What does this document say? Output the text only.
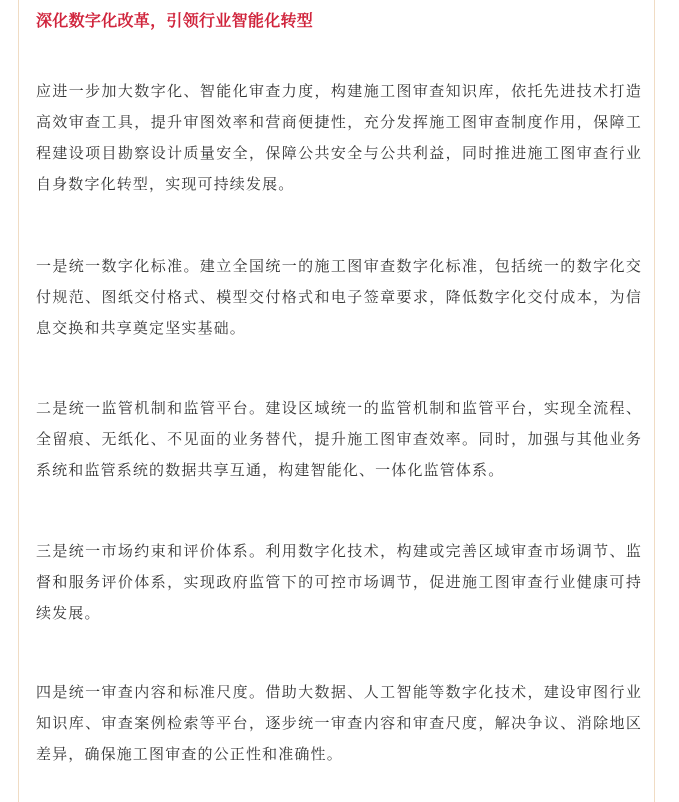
深化数字化改革，引领行业智能化转型

应进一步加大数字化、智能化审查力度，构建施工图审查知识库，依托先进技术打造高效审查工具，提升审图效率和营商便捷性，充分发挥施工图审查制度作用，保障工程建设项目勘察设计质量安全，保障公共安全与公共利益，同时推进施工图审查行业自身数字化转型，实现可持续发展。

一是统一数字化标准。建立全国统一的施工图审查数字化标准，包括统一的数字化交付规范、图纸交付格式、模型交付格式和电子签章要求，降低数字化交付成本，为信息交换和共享奠定坚实基础。

二是统一监管机制和监管平台。建设区域统一的监管机制和监管平台，实现全流程、全留痕、无纸化、不见面的业务替代，提升施工图审查效率。同时，加强与其他业务系统和监管系统的数据共享互通，构建智能化、一体化监管体系。

三是统一市场约束和评价体系。利用数字化技术，构建或完善区域审查市场调节、监督和服务评价体系，实现政府监管下的可控市场调节，促进施工图审查行业健康可持续发展。

四是统一审查内容和标准尺度。借助大数据、人工智能等数字化技术，建设审图行业知识库、审查案例检索等平台，逐步统一审查内容和审查尺度，解决争议、消除地区差异，确保施工图审查的公正性和准确性。
